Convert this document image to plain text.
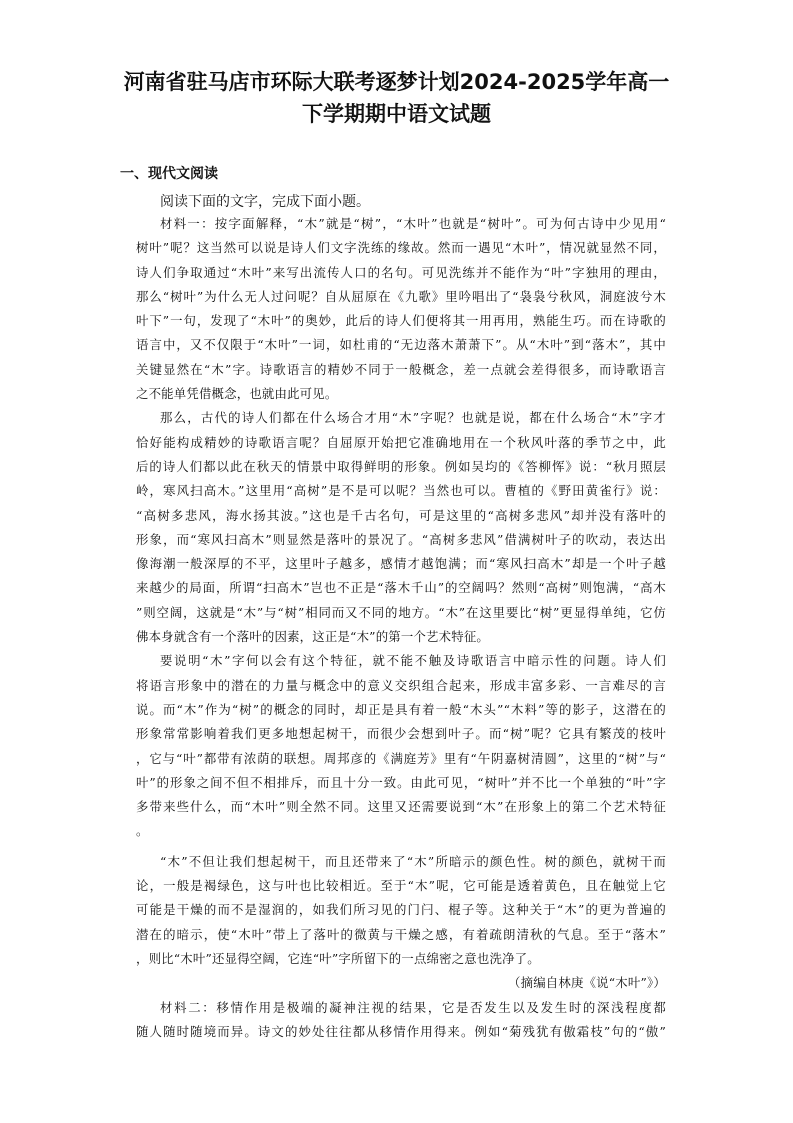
河南省驻马店市环际大联考逐梦计划2024-2025学年高一
下学期期中语文试题
一、现代文阅读
阅读下面的文字，完成下面小题。
材料一：按字面解释，“木”就是“树”，“木叶”也就是“树叶”。可为何古诗中少见用“
树叶”呢？这当然可以说是诗人们文字洗练的缘故。然而一遇见“木叶”，情况就显然不同，
诗人们争取通过“木叶”来写出流传人口的名句。可见洗练并不能作为“叶”字独用的理由，
那么“树叶”为什么无人过问呢？自从屈原在《九歌》里吟唱出了“袅袅兮秋风，洞庭波兮木
叶下”一句，发现了“木叶”的奥妙，此后的诗人们便将其一用再用，熟能生巧。而在诗歌的
语言中，又不仅限于“木叶”一词，如杜甫的“无边落木萧萧下”。从“木叶”到“落木”，其中
关键显然在“木”字。诗歌语言的精妙不同于一般概念，差一点就会差得很多，而诗歌语言
之不能单凭借概念，也就由此可见。
那么，古代的诗人们都在什么场合才用“木”字呢？也就是说，都在什么场合“木”字才
恰好能构成精妙的诗歌语言呢？自屈原开始把它准确地用在一个秋风叶落的季节之中，此
后的诗人们都以此在秋天的情景中取得鲜明的形象。例如吴均的《答柳恽》说：“秋月照层
岭，寒风扫高木。”这里用“高树”是不是可以呢？当然也可以。曹植的《野田黄雀行》说：
“高树多悲风，海水扬其波。”这也是千古名句，可是这里的“高树多悲风”却并没有落叶的
形象，而“寒风扫高木”则显然是落叶的景况了。“高树多悲风”借满树叶子的吹动，表达出
像海潮一般深厚的不平，这里叶子越多，感情才越饱满；而“寒风扫高木”却是一个叶子越
来越少的局面，所谓“扫高木”岂也不正是“落木千山”的空阔吗？然则“高树”则饱满，“高木
”则空阔，这就是“木”与“树”相同而又不同的地方。“木”在这里要比“树”更显得单纯，它仿
佛本身就含有一个落叶的因素，这正是“木”的第一个艺术特征。
要说明“木”字何以会有这个特征，就不能不触及诗歌语言中暗示性的问题。诗人们
将语言形象中的潜在的力量与概念中的意义交织组合起来，形成丰富多彩、一言难尽的言
说。而“木”作为“树”的概念的同时，却正是具有着一般“木头”“木料”等的影子，这潜在的
形象常常影响着我们更多地想起树干，而很少会想到叶子。而“树”呢？它具有繁茂的枝叶
，它与“叶”都带有浓荫的联想。周邦彦的《满庭芳》里有“午阴嘉树清圆”，这里的“树”与“
叶”的形象之间不但不相排斥，而且十分一致。由此可见，“树叶”并不比一个单独的“叶”字
多带来些什么，而“木叶”则全然不同。这里又还需要说到“木”在形象上的第二个艺术特征
。
“木”不但让我们想起树干，而且还带来了“木”所暗示的颜色性。树的颜色，就树干而
论，一般是褐绿色，这与叶也比较相近。至于“木”呢，它可能是透着黄色，且在触觉上它
可能是干燥的而不是湿润的，如我们所习见的门闩、棍子等。这种关于“木”的更为普遍的
潜在的暗示，使“木叶”带上了落叶的微黄与干燥之感，有着疏朗清秋的气息。至于“落木”
，则比“木叶”还显得空阔，它连“叶”字所留下的一点绵密之意也洗净了。
（摘编自林庚《说“木叶”》）
材料二：移情作用是极端的凝神注视的结果，它是否发生以及发生时的深浅程度都
随人随时随境而异。诗文的妙处往往都从移情作用得来。例如“菊残犹有傲霜枝”句的“傲”
